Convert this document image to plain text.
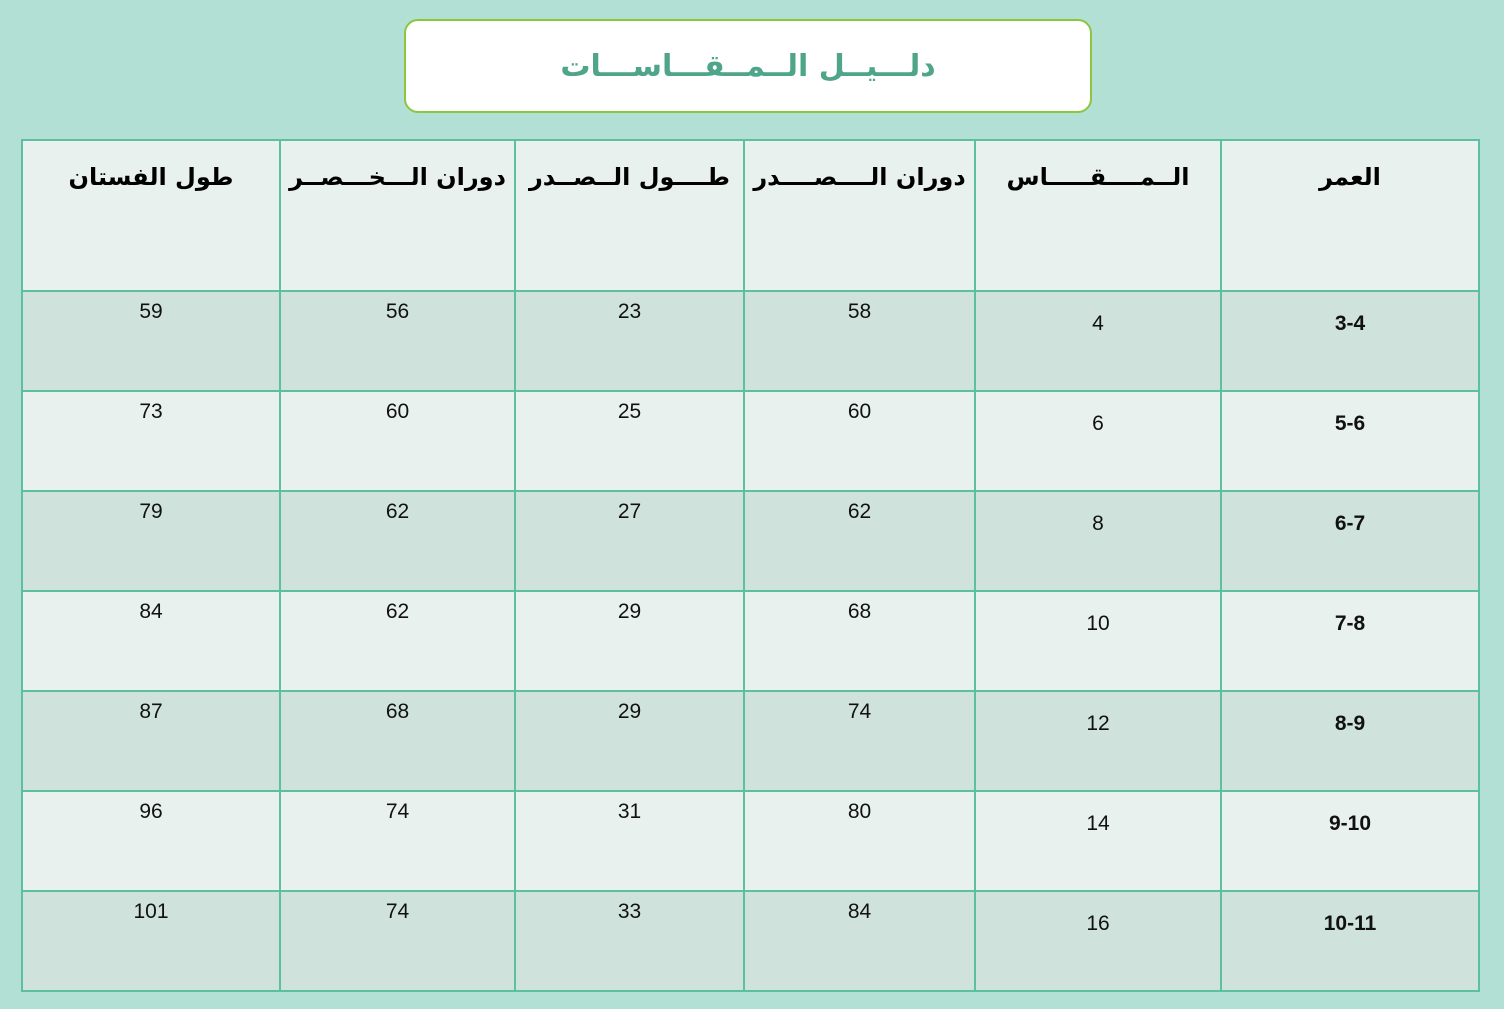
دلـــيــل الــمــقـــاســـات
العمر	الــمــــقـــــاس	دوران الــــصــــدر	طــــول الــصــدر	دوران الـــخـــصــر	طول الفستان
3-4	4	58	23	56	59
5-6	6	60	25	60	73
6-7	8	62	27	62	79
7-8	10	68	29	62	84
8-9	12	74	29	68	87
9-10	14	80	31	74	96
10-11	16	84	33	74	101
